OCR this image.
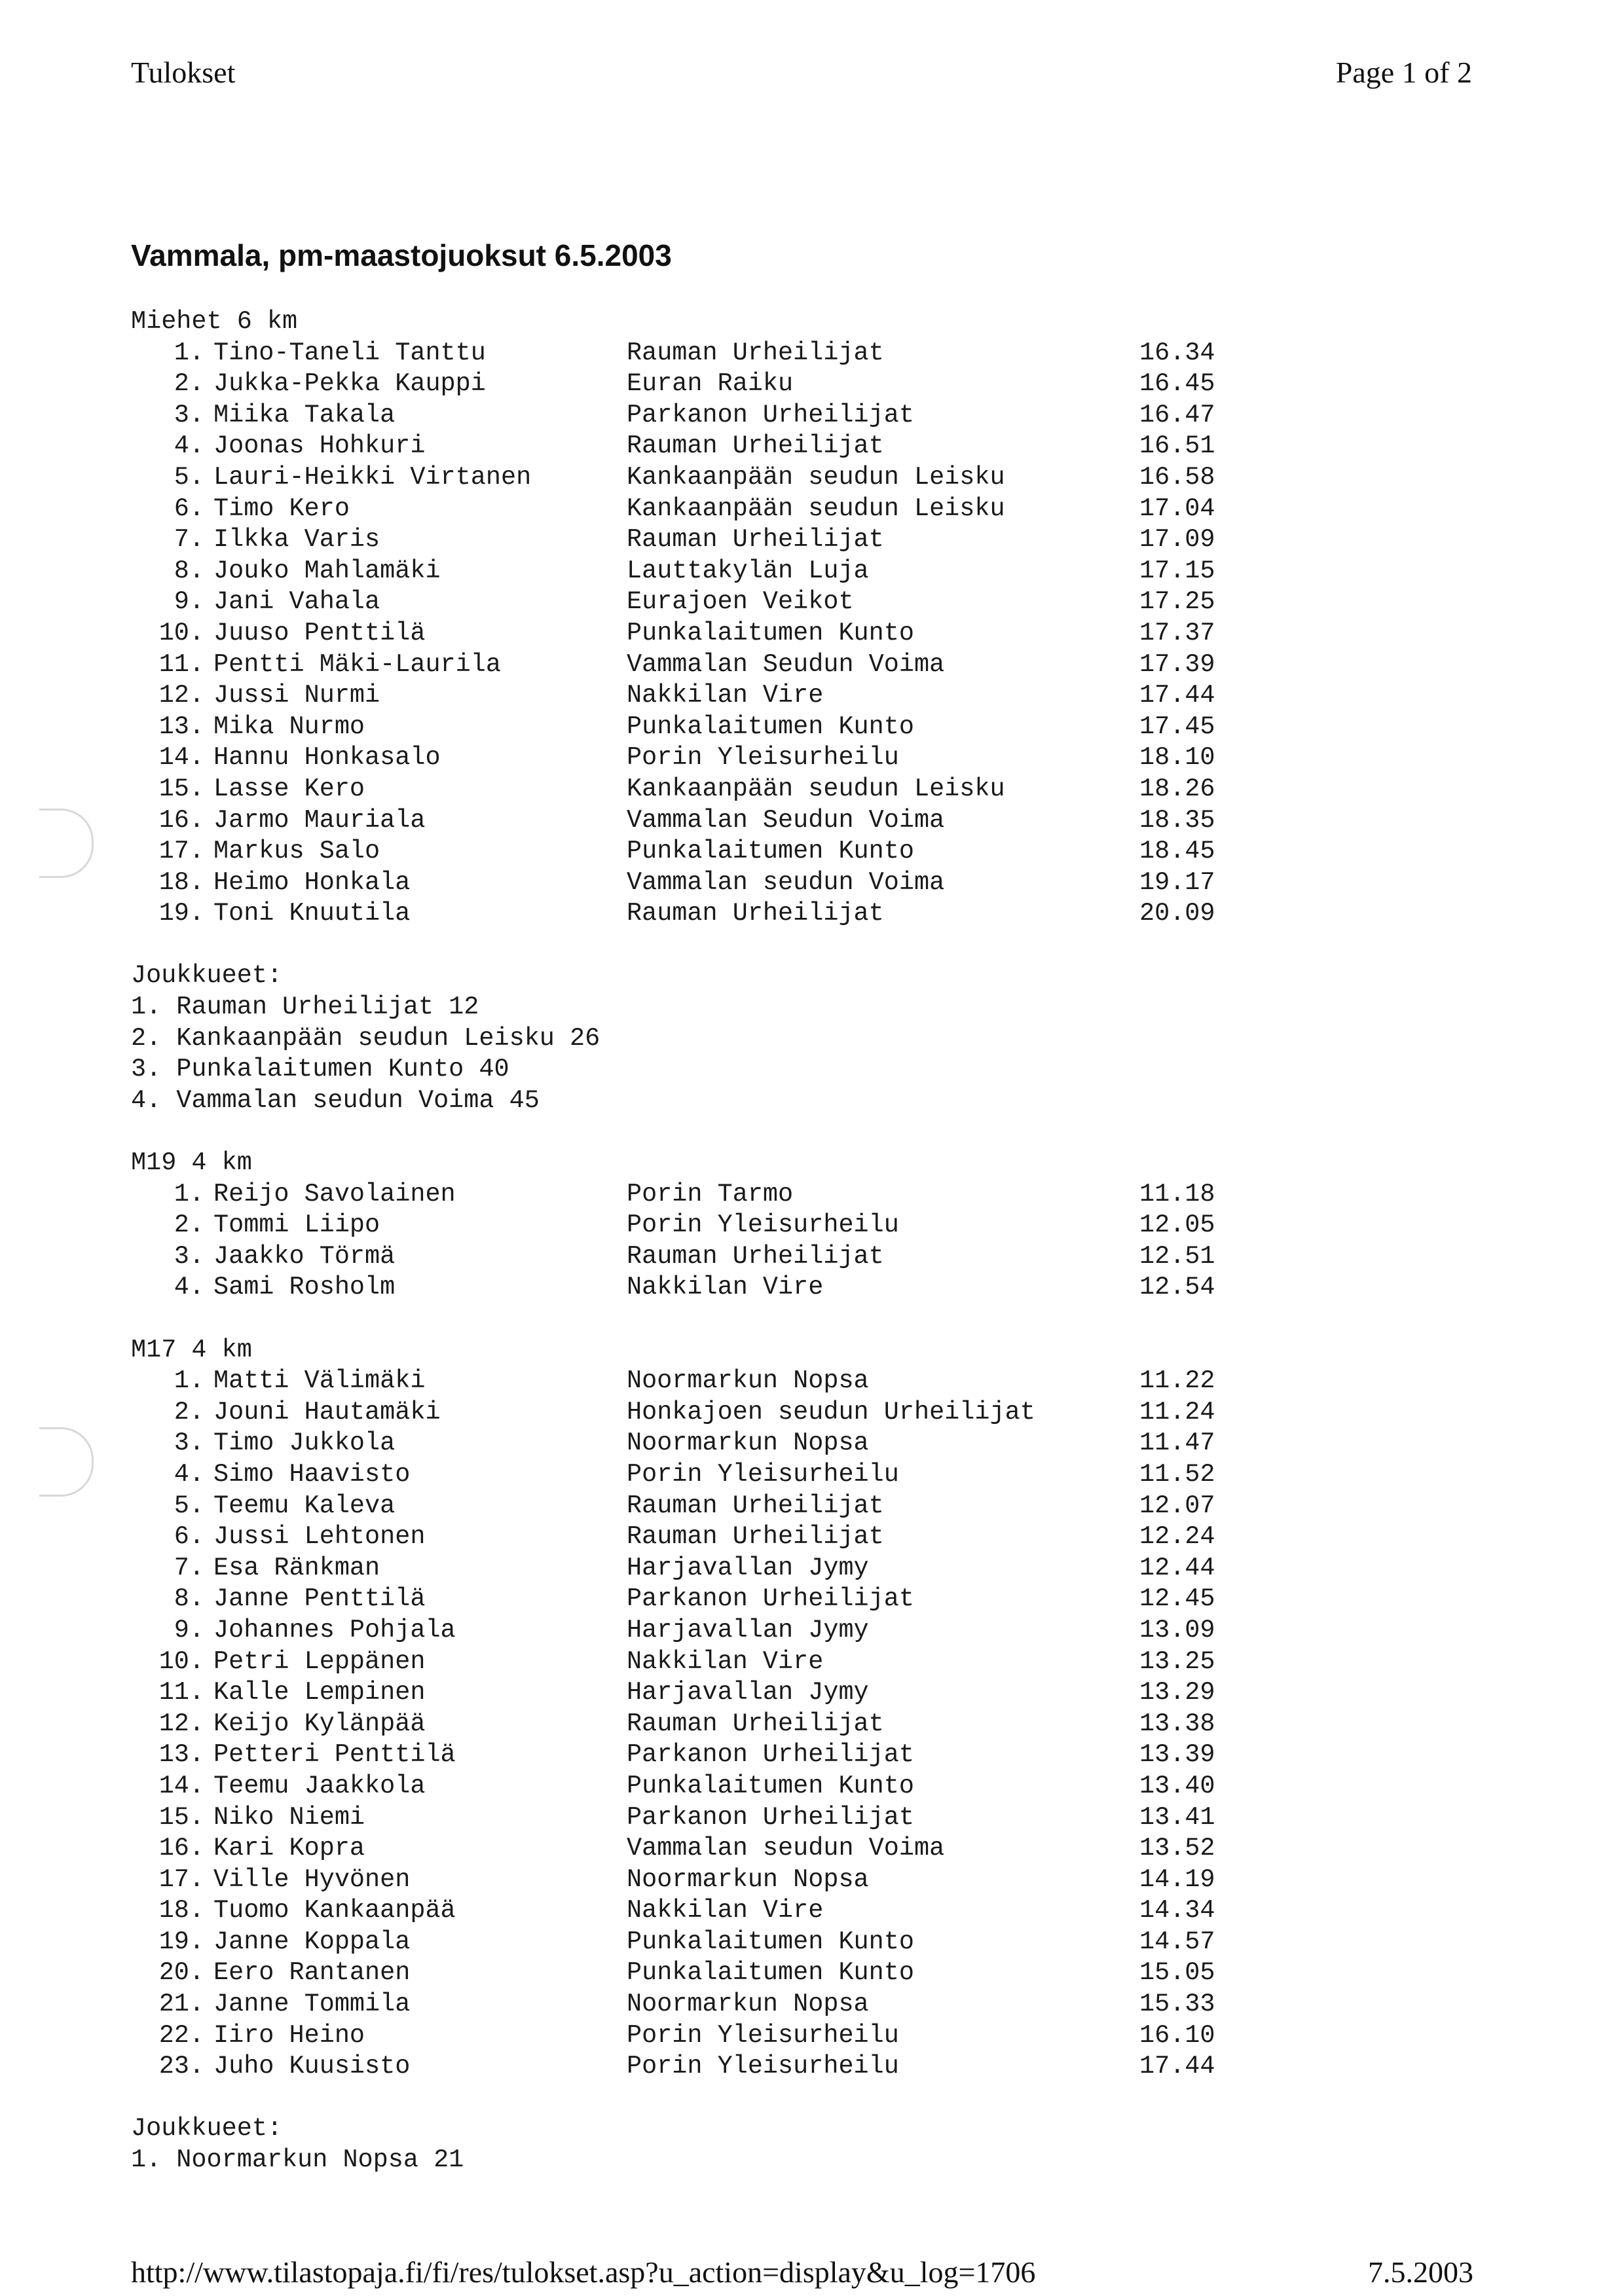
Tulokset	Page 1 of 2
Vammala, pm-maastojuoksut 6.5.2003
Miehet 6 km
1. Tino-Taneli Tanttu	Rauman Urheilijat	16.34
2. Jukka-Pekka Kauppi	Euran Raiku	16.45
3. Miika Takala	Parkanon Urheilijat	16.47
4. Joonas Hohkuri	Rauman Urheilijat	16.51
5. Lauri-Heikki Virtanen	Kankaanpään seudun Leisku	16.58
6. Timo Kero	Kankaanpään seudun Leisku	17.04
7. Ilkka Varis	Rauman Urheilijat	17.09
8. Jouko Mahlamäki	Lauttakylän Luja	17.15
9. Jani Vahala	Eurajoen Veikot	17.25
10. Juuso Penttilä	Punkalaitumen Kunto	17.37
11. Pentti Mäki-Laurila	Vammalan Seudun Voima	17.39
12. Jussi Nurmi	Nakkilan Vire	17.44
13. Mika Nurmo	Punkalaitumen Kunto	17.45
14. Hannu Honkasalo	Porin Yleisurheilu	18.10
15. Lasse Kero	Kankaanpään seudun Leisku	18.26
16. Jarmo Mauriala	Vammalan Seudun Voima	18.35
17. Markus Salo	Punkalaitumen Kunto	18.45
18. Heimo Honkala	Vammalan seudun Voima	19.17
19. Toni Knuutila	Rauman Urheilijat	20.09
Joukkueet:
1. Rauman Urheilijat 12
2. Kankaanpään seudun Leisku 26
3. Punkalaitumen Kunto 40
4. Vammalan seudun Voima 45
M19 4 km
1. Reijo Savolainen	Porin Tarmo	11.18
2. Tommi Liipo	Porin Yleisurheilu	12.05
3. Jaakko Törmä	Rauman Urheilijat	12.51
4. Sami Rosholm	Nakkilan Vire	12.54
M17 4 km
1. Matti Välimäki	Noormarkun Nopsa	11.22
2. Jouni Hautamäki	Honkajoen seudun Urheilijat	11.24
3. Timo Jukkola	Noormarkun Nopsa	11.47
4. Simo Haavisto	Porin Yleisurheilu	11.52
5. Teemu Kaleva	Rauman Urheilijat	12.07
6. Jussi Lehtonen	Rauman Urheilijat	12.24
7. Esa Ränkman	Harjavallan Jymy	12.44
8. Janne Penttilä	Parkanon Urheilijat	12.45
9. Johannes Pohjala	Harjavallan Jymy	13.09
10. Petri Leppänen	Nakkilan Vire	13.25
11. Kalle Lempinen	Harjavallan Jymy	13.29
12. Keijo Kylänpää	Rauman Urheilijat	13.38
13. Petteri Penttilä	Parkanon Urheilijat	13.39
14. Teemu Jaakkola	Punkalaitumen Kunto	13.40
15. Niko Niemi	Parkanon Urheilijat	13.41
16. Kari Kopra	Vammalan seudun Voima	13.52
17. Ville Hyvönen	Noormarkun Nopsa	14.19
18. Tuomo Kankaanpää	Nakkilan Vire	14.34
19. Janne Koppala	Punkalaitumen Kunto	14.57
20. Eero Rantanen	Punkalaitumen Kunto	15.05
21. Janne Tommila	Noormarkun Nopsa	15.33
22. Iiro Heino	Porin Yleisurheilu	16.10
23. Juho Kuusisto	Porin Yleisurheilu	17.44
Joukkueet:
1. Noormarkun Nopsa 21
http://www.tilastopaja.fi/fi/res/tulokset.asp?u_action=display&u_log=1706	7.5.2003
